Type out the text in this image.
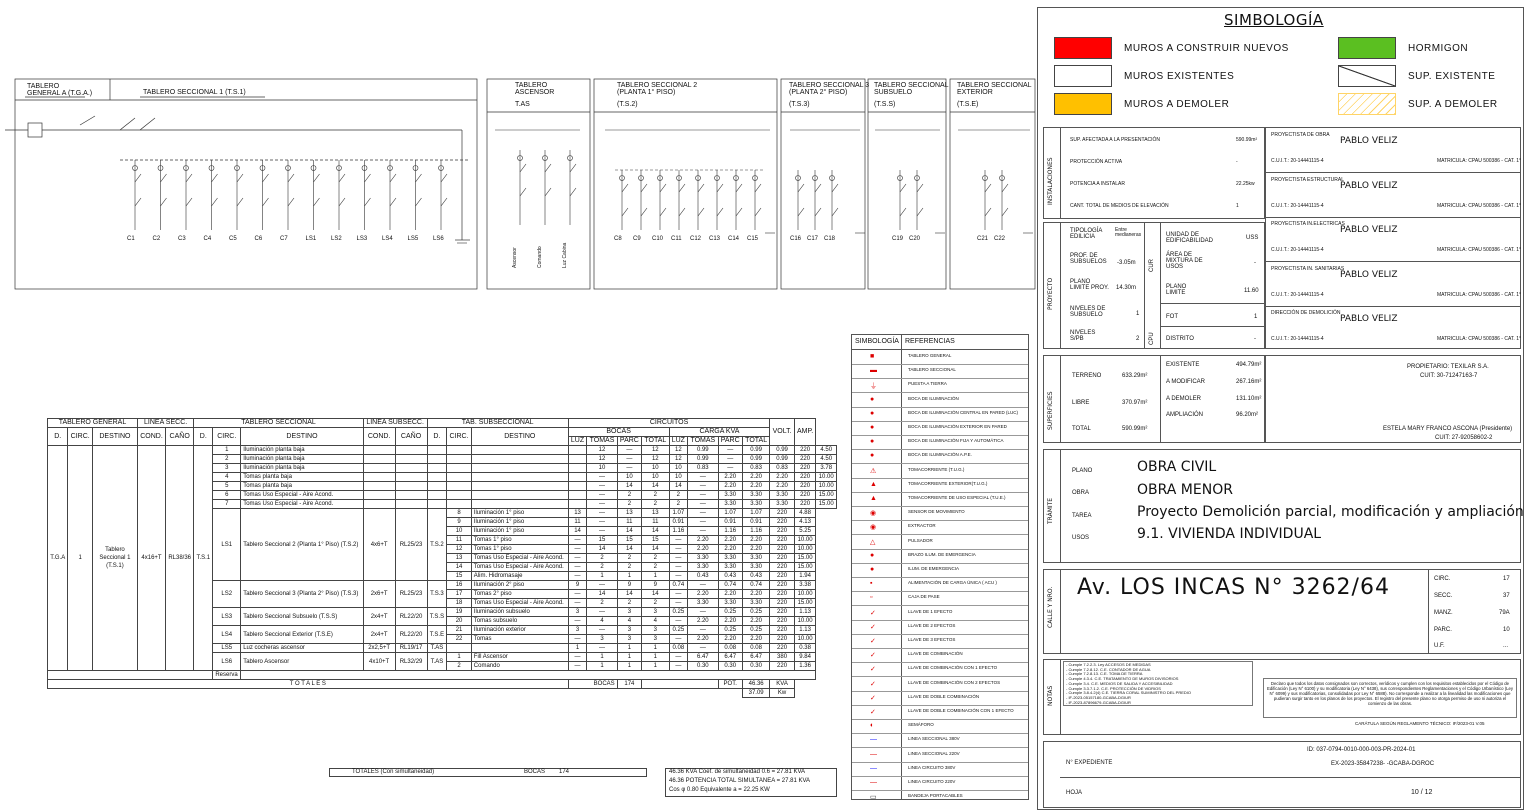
TABLERO
GENERAL A (T.G.A.)	TABLERO SECCIONAL 1 (T.S.1)
TABLERO
ASCENSOR
T.AS
TABLERO SECCIONAL 2
(PLANTA 1° PISO)
(T.S.2)
TABLERO SECCIONAL 3
(PLANTA 2° PISO)
(T.S.3)
TABLERO SECCIONAL
SUBSUELO
(T.S.S)
TABLERO SECCIONAL
EXTERIOR
(T.S.E)
C1	C2	C3	C4	C5	C6	C7	LS1 LS2 LS3 LS4 LS5 LS6	C8 C9 C10 C11 C12 C13 C14 C15
Ascensor	Comando	Luz Cabina
C16 C17 C18	C19 C20	C21 C22
TABLERO GENERAL			LINEA SECC.		TABLERO SECCIONAL			LINEA SUBSECC.		TAB. SUBSECCIONAL			CIRCUITOS								VOLT.	AMP.	
D.	CIRC.	DESTINO	COND.	CAÑO	D.	CIRC.	DESTINO	COND.	CAÑO	D.	CIRC.	DESTINO	BOCAS				CARGA KVA						
													LUZ	TOMAS	PARC	TOTAL	LUZ	TOMAS	PARC	TOTAL			
T.G.A	1	Tablero Seccional 1 (T.S.1)	4x16+T	RL38/36	T.S.1	1	Iluminación planta baja							12	—	12	12	0.99	—	0.99	0.99	220	4.50
						2	Iluminación planta baja							12	—	12	12	0.99	—	0.99	0.99	220	4.50
						3	Iluminación planta baja							10	—	10	10	0.83	—	0.83	0.83	220	3.78
						4	Tomas planta baja							—	10	10	10	—	2.20	2.20	2.20	220	10.00
						5	Tomas planta baja							—	14	14	14	—	2.20	2.20	2.20	220	10.00
						6	Tomas Uso Especial - Aire Acond.							—	2	2	2	—	3.30	3.30	3.30	220	15.00
						7	Tomas Uso Especial - Aire Acond.							—	2	2	2	—	3.30	3.30	3.30	220	15.00
						LS1	Tablero Seccional 2 (Planta 1° Piso) (T.S.2)	4x6+T	RL25/23	T.S.2	8	Iluminación 1° piso	13	—	13	13	1.07	—	1.07	1.07	220	4.88	
											9	Iluminación 1° piso	11	—	11	11	0.91	—	0.91	0.91	220	4.13	
											10	Iluminación 1° piso	14	—	14	14	1.16	—	1.16	1.16	220	5.25	
											11	Tomas 1° piso	—	15	15	15	—	2.20	2.20	2.20	220	10.00	
											12	Tomas 1° piso	—	14	14	14	—	2.20	2.20	2.20	220	10.00	
											13	Tomas Uso Especial - Aire Acond.	—	2	2	2	—	3.30	3.30	3.30	220	15.00	
											14	Tomas Uso Especial - Aire Acond.	—	2	2	2	—	3.30	3.30	3.30	220	15.00	
											15	Alim. Hidromasaje	—	1	1	1	—	0.43	0.43	0.43	220	1.94	
						LS2	Tablero Seccional 3 (Planta 2° Piso) (T.S.3)	2x6+T	RL25/23	T.S.3	16	Iluminación 2° piso	9	—	9	9	0.74	—	0.74	0.74	220	3.38	
											17	Tomas 2° piso	—	14	14	14	—	2.20	2.20	2.20	220	10.00	
											18	Tomas Uso Especial - Aire Acond.	—	2	2	2	—	3.30	3.30	3.30	220	15.00	
						LS3	Tablero Seccional Subsuelo (T.S.S)	2x4+T	RL22/20	T.S.S	19	Iluminación subsuelo	3	—	3	3	0.25	—	0.25	0.25	220	1.13	
											20	Tomas subsuelo	—	4	4	4	—	2.20	2.20	2.20	220	10.00	
						LS4	Tablero Seccional Exterior (T.S.E)	2x4+T	RL22/20	T.S.E	21	Iluminación exterior	3	—	3	3	0.25	—	0.25	0.25	220	1.13	
											22	Tomas	—	3	3	3	—	2.20	2.20	2.20	220	10.00	
						LS5	Luz cocheras ascensor	2x2,5+T	RL19/17	T.AS			1	—	1	1	0.08	—	0.08	0.08	220	0.38	
						LS6	Tablero Ascensor	4x10+T	RL32/29	T.AS	1	Fill Ascensor	—	1	1	1	—	6.47	6.47	6.47	380	9.84	
											2	Comando	—	1	1	1	—	0.30	0.30	0.30	220	1.36	
						Reserva																	
T O T A L E S													BOCAS		174				POT.	46.36	KVA		
																				37.09	Kw		
TOTALES (Con simultaneidad)	BOCAS 174	46.36 KVA Coef. de simultaneidad 0.6 = 27.81 KVA
46.36 POTENCIA TOTAL SIMULTANEA = 27.81 KVA
Cos φ 0.80 Equivalente a = 22.25 KW
SIMBOLOGÍA REFERENCIAS
■	TABLERO GENERAL
▬	TABLERO SECCIONAL
⏚	PUESTA A TIERRA
●	BOCA DE ILUMINACIÓN
●	BOCA DE ILUMINACIÓN CENTRAL EN PARED (LUC)
●	BOCA DE ILUMINACIÓN EXTERIOR EN PARED
●	BOCA DE ILUMINACIÓN FIJA Y AUTOMÁTICA
●	BOCA DE ILUMINACIÓN A.P.E.
⚠	TOMACORRIENTE (T.U.G.)
▲	TOMACORRIENTE EXTERIOR(T.U.G.)
▲	TOMACORRIENTE DE USO ESPECIAL (T.U.E.)
◉	SENSOR DE MOVIMIENTO
◉	EXTRACTOR
△	PULSADOR
●	BRAZO ILUM. DE EMERGENCIA
●	ILUM. DE EMERGENCIA
▪	ALIMENTACIÓN DE CARGA ÚNICA ( ACU )
▫	CAJA DE PASE
✓	LLAVE DE 1 EFECTO
✓	LLAVE DE 2 EFECTOS
✓	LLAVE DE 3 EFECTOS
✓	LLAVE DE COMBINACIÓN
✓	LLAVE DE COMBINACIÓN CON 1 EFECTO
✓	LLAVE DE COMBINACIÓN CON 2 EFECTOS
✓	LLAVE DE DOBLE COMBINACIÓN
✓	LLAVE DE DOBLE COMBINACIÓN CON 1 EFECTO
◐	SEMÁFORO
—	LINEA SECCIONAL 380V
—	LINEA SECCIONAL 220V
—	LINEA CIRCUITO 380V
—	LINEA CIRCUITO 220V
▭	BANDEJA PORTACABLES
SIMBOLOGÍA
MUROS A CONSTRUIR NUEVOS
MUROS EXISTENTES
MUROS A DEMOLER
HORMIGON
SUP. EXISTENTE
SUP. A DEMOLER
INSTALACIONES
SUP. AFECTADA A LA PRESENTACIÓN	590.99m²
PROTECCIÓN ACTIVA	-
POTENCIA A INSTALAR	22.25kw
CANT. TOTAL DE MEDIOS DE ELEVACIÓN	1
PROYECTISTA DE OBRA
PABLO VELIZ
C.U.I.T.: 20-14441115-4	MATRICULA: CPAU 500386 - CAT. 1°
PROYECTISTA ESTRUCTURAL
PABLO VELIZ
C.U.I.T.: 20-14441115-4	MATRICULA: CPAU 500386 - CAT. 1°
PROYECTISTA IN.ELECTRICAS
PABLO VELIZ
C.U.I.T.: 20-14441115-4	MATRICULA: CPAU 500386 - CAT. 1°
PROYECTISTA IN. SANITARIAS
PABLO VELIZ
C.U.I.T.: 20-14441115-4	MATRICULA: CPAU 500386 - CAT. 1°
DIRECCIÓN DE DEMOLICIÓN
PABLO VELIZ
C.U.I.T.: 20-14441115-4	MATRICULA: CPAU 500386 - CAT. 1°
PROYECTO
TIPOLOGÍA EDILICIA
Entre medianeras
PROF. DE SUBSUELOS	-3.05m
PLANO LIMITE PROY. 14.30m
NIVELES DE SUBSUELO	1
NIVELES S/PB	2
CUR
CPU
UNIDAD DE EDIFICABILIDAD	USS
ÁREA DE MIXTURA DE USOS
-
PLANO LIMITE	11.60
FOT	1
DISTRITO	-
SUPERFICIES
TERRENO	633.29m²
LIBRE	370.97m²
TOTAL	590.99m²
EXISTENTE	494.79m²
A MODIFICAR	267.16m²
A DEMOLER	131.10m²
AMPLIACIÓN	96.20m²
PROPIETARIO: TEXILAR S.A.
CUIT: 30-71247163-7
ESTELA MARY FRANCO ASCONA (Presidente)
CUIT: 27-92058602-2
TRÁMITE
PLANO	OBRA CIVIL
OBRA	OBRA MENOR
TAREA	Proyecto Demolición parcial, modificación y ampliación
USOS	9.1. VIVIENDA INDIVIDUAL
CALLE Y NRO. Av. LOS INCAS N° 3262/64	CIRC.	17
SECC.	37
MANZ.	79A
PARC.	10
U.F.	...
NOTAS
- Cumple 7.2.2.3. Ley ACCESOS DE MEDIDAS
- Cumple 7.2.8.12. C.E. CONTADOR DE AGUA
- Cumple 7.2.8.13. C.E. TOMA DE TIERRA
- Cumple 4.3.4. C.E. TRATAMIENTO DE MUROS DIVISORIOS
- Cumple 3.4. C.E. MEDIOS DE SALIDA Y ACCESIBILIDAD
- Cumple 3.3.7.1.2. C.E. PROTECCIÓN DE VIDRIOS
- Cumple 3.8.4.2(4) C.E. TIERRA CORAL SUMINISTRO DEL PREDIO
- IF-2023-05157180-GCABA-DGIUR
- IF-2023-87896679-GCABA-DGIUR
Declaro que todos los datos consignados son correctos, verídicos y cumplen con los requisitos establecidos por el Código de Edificación (Ley N° 6100) y su modificatoria (Ley N° 6438), sus correspondientes Reglamentaciones y el Código Urbanístico (Ley N° 6099) y sus modificatorias, consolidadas por Ley N° 6588). No corresponde a realizar a la linealidad las modificaciones que pudieran surgir tanto en los planos de los proyectos. El registro del presente plano no otorga permiso de uso ni autoriza el comienzo de las obras.
CARÁTULA SEGÚN REGLAMENTO TÉCNICO: IF/2023-01 V.05
N° EXPEDIENTE
ID: 037-0794-0010-000-003-PR-2024-01
EX-2023-35847238- -GCABA-DGROC
HOJA	10 / 12
